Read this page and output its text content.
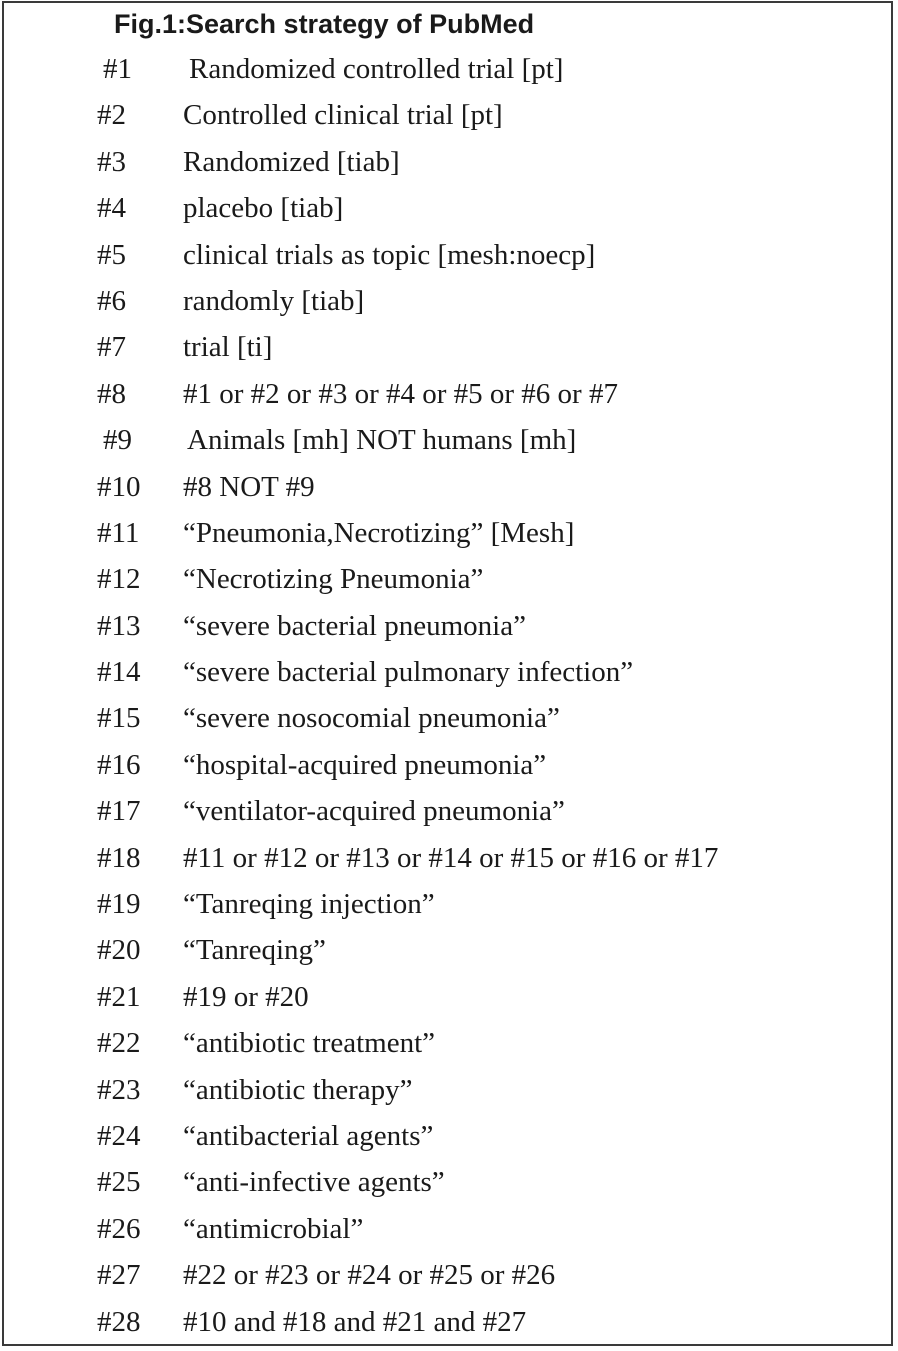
Fig.1:Search strategy of PubMed
#1 Randomized controlled trial [pt]
#2 Controlled clinical trial [pt]
#3 Randomized [tiab]
#4 placebo [tiab]
#5 clinical trials as topic [mesh:noecp]
#6 randomly [tiab]
#7 trial [ti]
#8 #1 or #2 or #3 or #4 or #5 or #6 or #7
#9 Animals [mh] NOT humans [mh]
#10 #8 NOT #9
#11 “Pneumonia,Necrotizing” [Mesh]
#12 “Necrotizing Pneumonia”
#13 “severe bacterial pneumonia”
#14 “severe bacterial pulmonary infection”
#15 “severe nosocomial pneumonia”
#16 “hospital-acquired pneumonia”
#17 “ventilator-acquired pneumonia”
#18 #11 or #12 or #13 or #14 or #15 or #16 or #17
#19 “Tanreqing injection”
#20 “Tanreqing”
#21 #19 or #20
#22 “antibiotic treatment”
#23 “antibiotic therapy”
#24 “antibacterial agents”
#25 “anti-infective agents”
#26 “antimicrobial”
#27 #22 or #23 or #24 or #25 or #26
#28 #10 and #18 and #21 and #27
